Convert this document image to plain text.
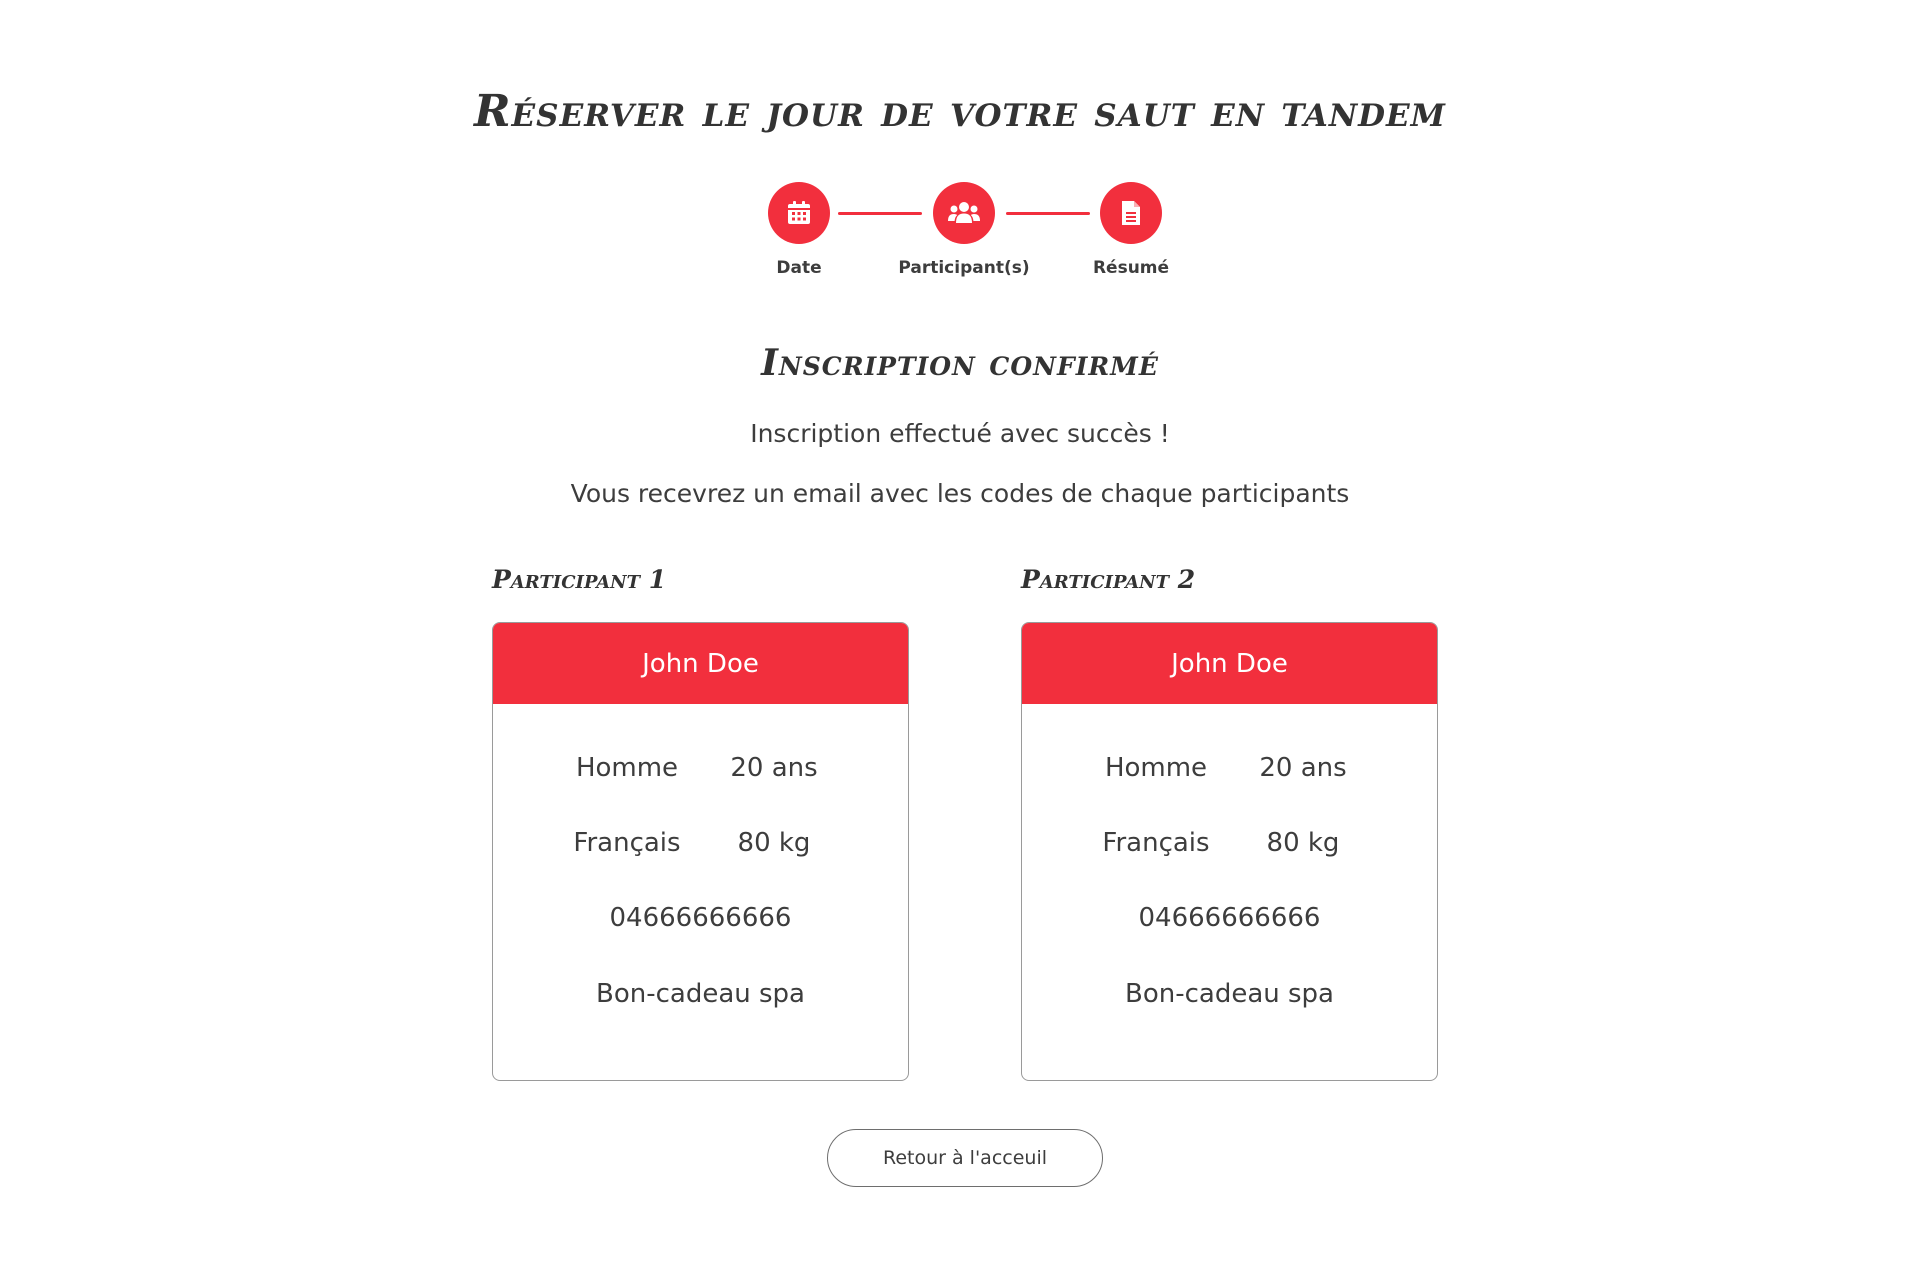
Réserver le jour de votre saut en tandem
Date	Participant(s)	Résumé
Inscription confirmé

Inscription effectué avec succès !

Vous recevrez un email avec les codes de chaque participants

Participant 1
John Doe
Homme	20 ans
Français	80 kg
04666666666
Bon-cadeau spa
Participant 2
John Doe
Homme	20 ans
Français	80 kg
04666666666
Bon-cadeau spa
Retour à l'acceuil
